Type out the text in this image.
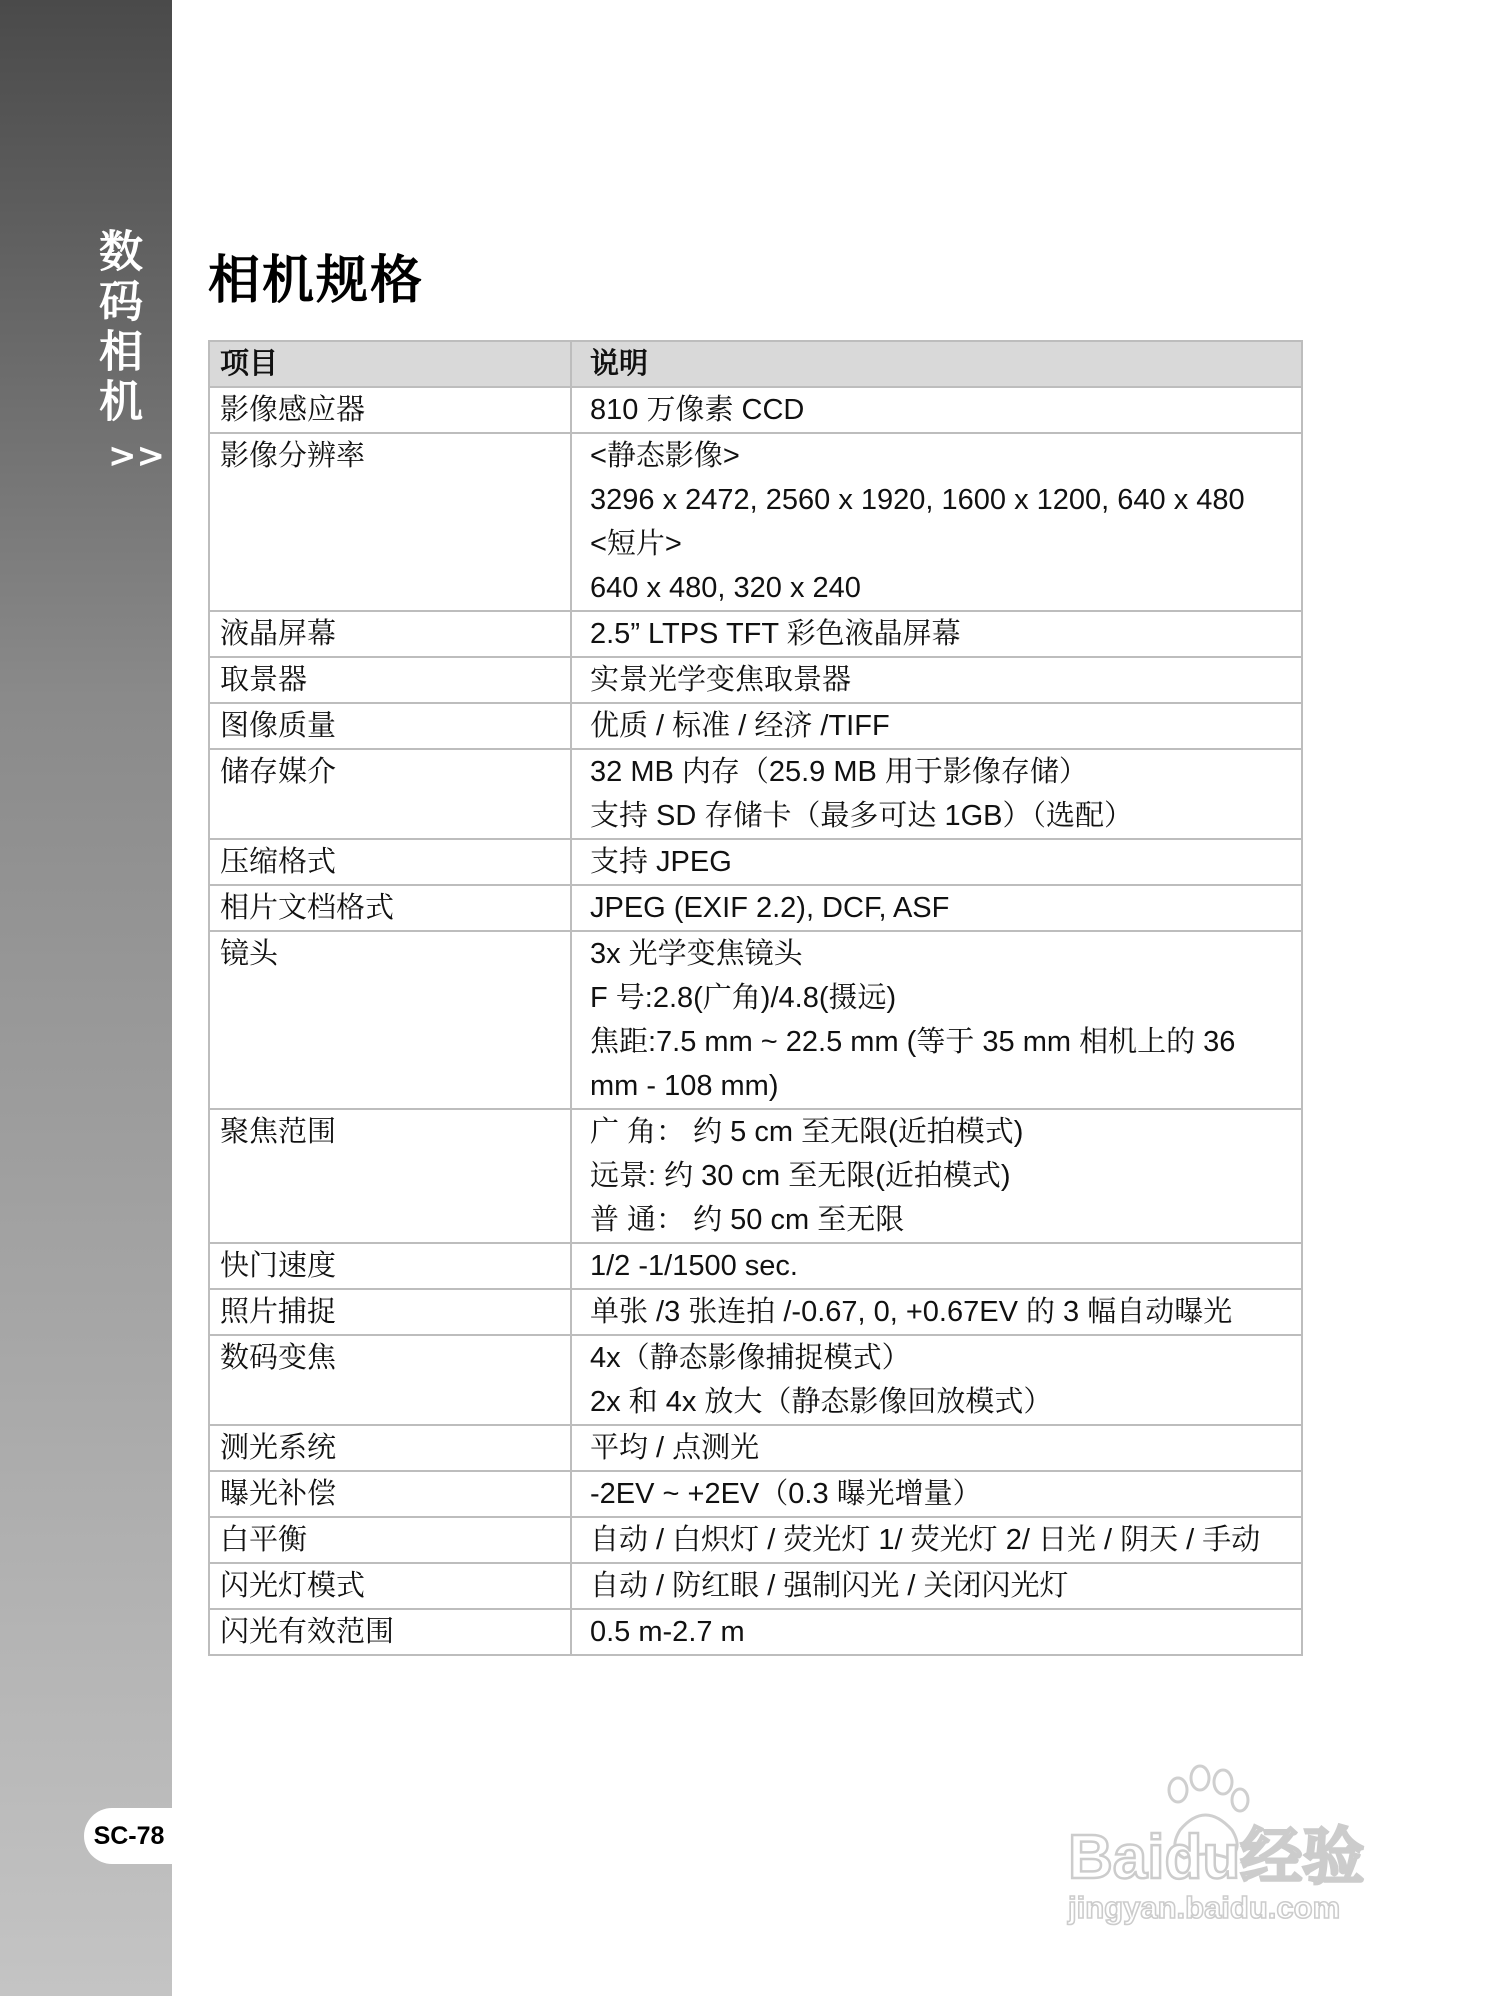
数码相机
>>
SC-78
相机规格
项目	说明

影像感应器	810 万像素 CCD

影像分辨率	<静态影像>
3296 x 2472, 2560 x 1920, 1600 x 1200, 640 x 480
<短片>
640 x 480, 320 x 240

液晶屏幕	2.5” LTPS TFT 彩色液晶屏幕

取景器	实景光学变焦取景器

图像质量	优质 / 标准 / 经济 /TIFF

储存媒介	32 MB 内存（25.9 MB 用于影像存储）
支持 SD 存储卡（最多可达 1GB）（选配）

压缩格式	支持 JPEG

相片文档格式	JPEG (EXIF 2.2), DCF, ASF

镜头	3x 光学变焦镜头
F 号:2.8(广角)/4.8(摄远)
焦距:7.5 mm ~ 22.5 mm (等于 35 mm 相机上的 36
mm - 108 mm)

聚焦范围	广 角： 约 5 cm 至无限(近拍模式)
远景: 约 30 cm 至无限(近拍模式)
普 通： 约 50 cm 至无限

快门速度	1/2 -1/1500 sec.

照片捕捉	单张 /3 张连拍 /-0.67, 0, +0.67EV 的 3 幅自动曝光

数码变焦	4x（静态影像捕捉模式）
2x 和 4x 放大（静态影像回放模式）

测光系统	平均 / 点测光

曝光补偿	-2EV ~ +2EV（0.3 曝光增量）

白平衡	自动 / 白炽灯 / 荧光灯 1/ 荧光灯 2/ 日光 / 阴天 / 手动

闪光灯模式	自动 / 防红眼 / 强制闪光 / 关闭闪光灯

闪光有效范围	0.5 m-2.7 m
Baidu经验
jingyan.baidu.com
